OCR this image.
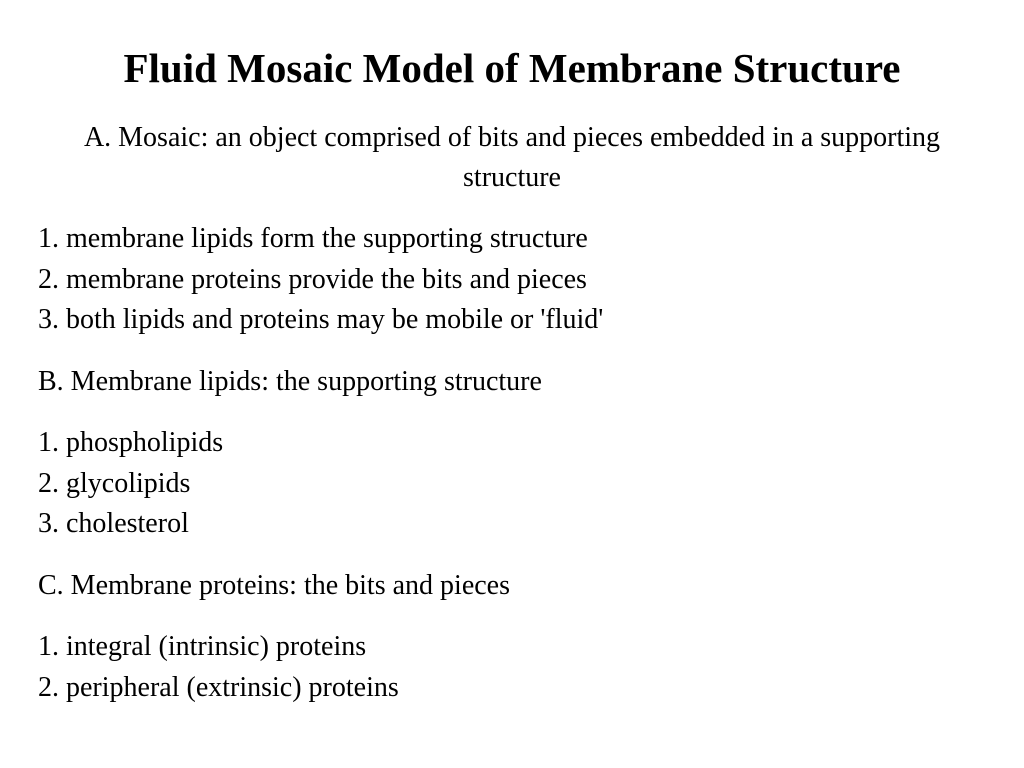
Fluid Mosaic Model of Membrane Structure

A. Mosaic: an object comprised of bits and pieces embedded in a supporting structure

1. membrane lipids form the supporting structure
2. membrane proteins provide the bits and pieces
3. both lipids and proteins may be mobile or 'fluid'

B. Membrane lipids: the supporting structure

1. phospholipids
2. glycolipids
3. cholesterol

C. Membrane proteins: the bits and pieces

1. integral (intrinsic) proteins
2. peripheral (extrinsic) proteins
